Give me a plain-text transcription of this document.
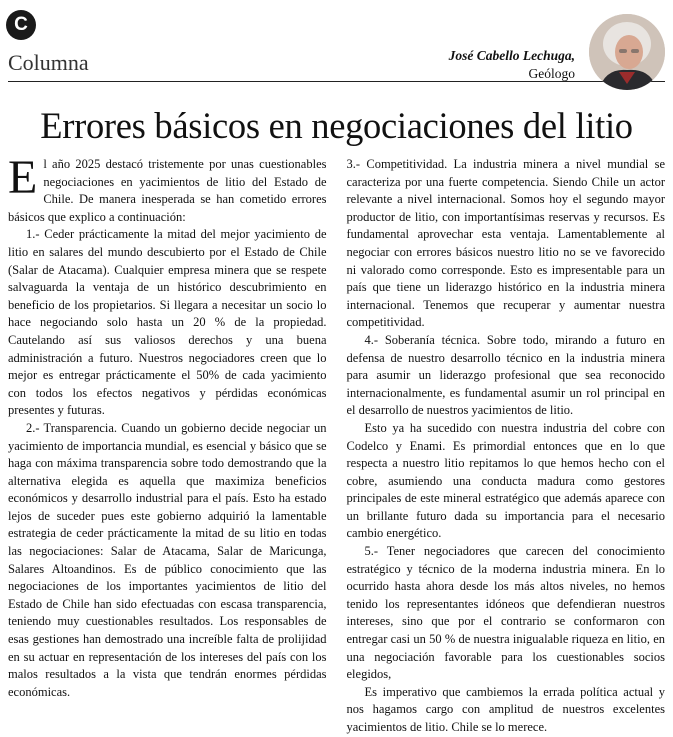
C
Columna	José Cabello Lechuga,
Geólogo
Errores básicos en negociaciones del litio

El año 2025 destacó tristemente por unas cuestionables negociaciones en yacimientos de litio del Estado de Chile. De manera inesperada se han cometido errores básicos que explico a continuación:

1.- Ceder prácticamente la mitad del mejor yacimiento de litio en salares del mundo descubierto por el Estado de Chile (Salar de Atacama). Cualquier empresa minera que se respete salvaguarda la ventaja de un histórico descubrimiento en beneficio de los propietarios. Si llegara a necesitar un socio lo hace negociando solo hasta un 20 % de la propiedad. Cautelando así sus valiosos derechos y una buena administración a futuro. Nuestros negociadores creen que lo mejor es entregar prácticamente el 50% de cada yacimiento con todos los efectos negativos y pérdidas económicas presentes y futuras.

2.- Transparencia. Cuando un gobierno decide negociar un yacimiento de importancia mundial, es esencial y básico que se haga con máxima transparencia sobre todo demostrando que la alternativa elegida es aquella que maximiza beneficios económicos y desarrollo industrial para el país. Esto ha estado lejos de suceder pues este gobierno adquirió la lamentable estrategia de ceder prácticamente la mitad de su litio en todas las negociaciones: Salar de Atacama, Salar de Maricunga, Salares Altoandinos. Es de público conocimiento que las negociaciones de los importantes yacimientos de litio del Estado de Chile han sido efectuadas con escasa transparencia, teniendo muy cuestionables resultados. Los responsables de esas gestiones han demostrado una increíble falta de prolijidad en su actuar en representación de los intereses del país con los malos resultados a la vista que tendrán enormes pérdidas económicas.

3.- Competitividad. La industria minera a nivel mundial se caracteriza por una fuerte competencia. Siendo Chile un actor relevante a nivel internacional. Somos hoy el segundo mayor productor de litio, con importantísimas reservas y recursos. Es fundamental aprovechar esta ventaja. Lamentablemente al negociar con errores básicos nuestro litio no se ve favorecido ni valorado como corresponde. Esto es impresentable para un país que tiene un liderazgo histórico en la industria minera internacional. Tenemos que recuperar y aumentar nuestra competitividad.

4.- Soberanía técnica. Sobre todo, mirando a futuro en defensa de nuestro desarrollo técnico en la industria minera para asumir un liderazgo profesional que sea reconocido internacionalmente, es fundamental asumir un rol principal en el desarrollo de nuestros yacimientos de litio.

Esto ya ha sucedido con nuestra industria del cobre con Codelco y Enami. Es primordial entonces que en lo que respecta a nuestro litio repitamos lo que hemos hecho con el cobre, asumiendo una conducta madura como gestores principales de este mineral estratégico que además aparece con un brillante futuro dada su importancia para el necesario cambio energético.

5.- Tener negociadores que carecen del conocimiento estratégico y técnico de la moderna industria minera. En lo ocurrido hasta ahora desde los más altos niveles, no hemos tenido los representantes idóneos que defendieran nuestros intereses, sino que por el contrario se conformaron con entregar casi un 50 % de nuestra inigualable riqueza en litio, en una negociación favorable para los cuestionables socios elegidos,

Es imperativo que cambiemos la errada política actual y nos hagamos cargo con amplitud de nuestros excelentes yacimientos de litio. Chile se lo merece.
